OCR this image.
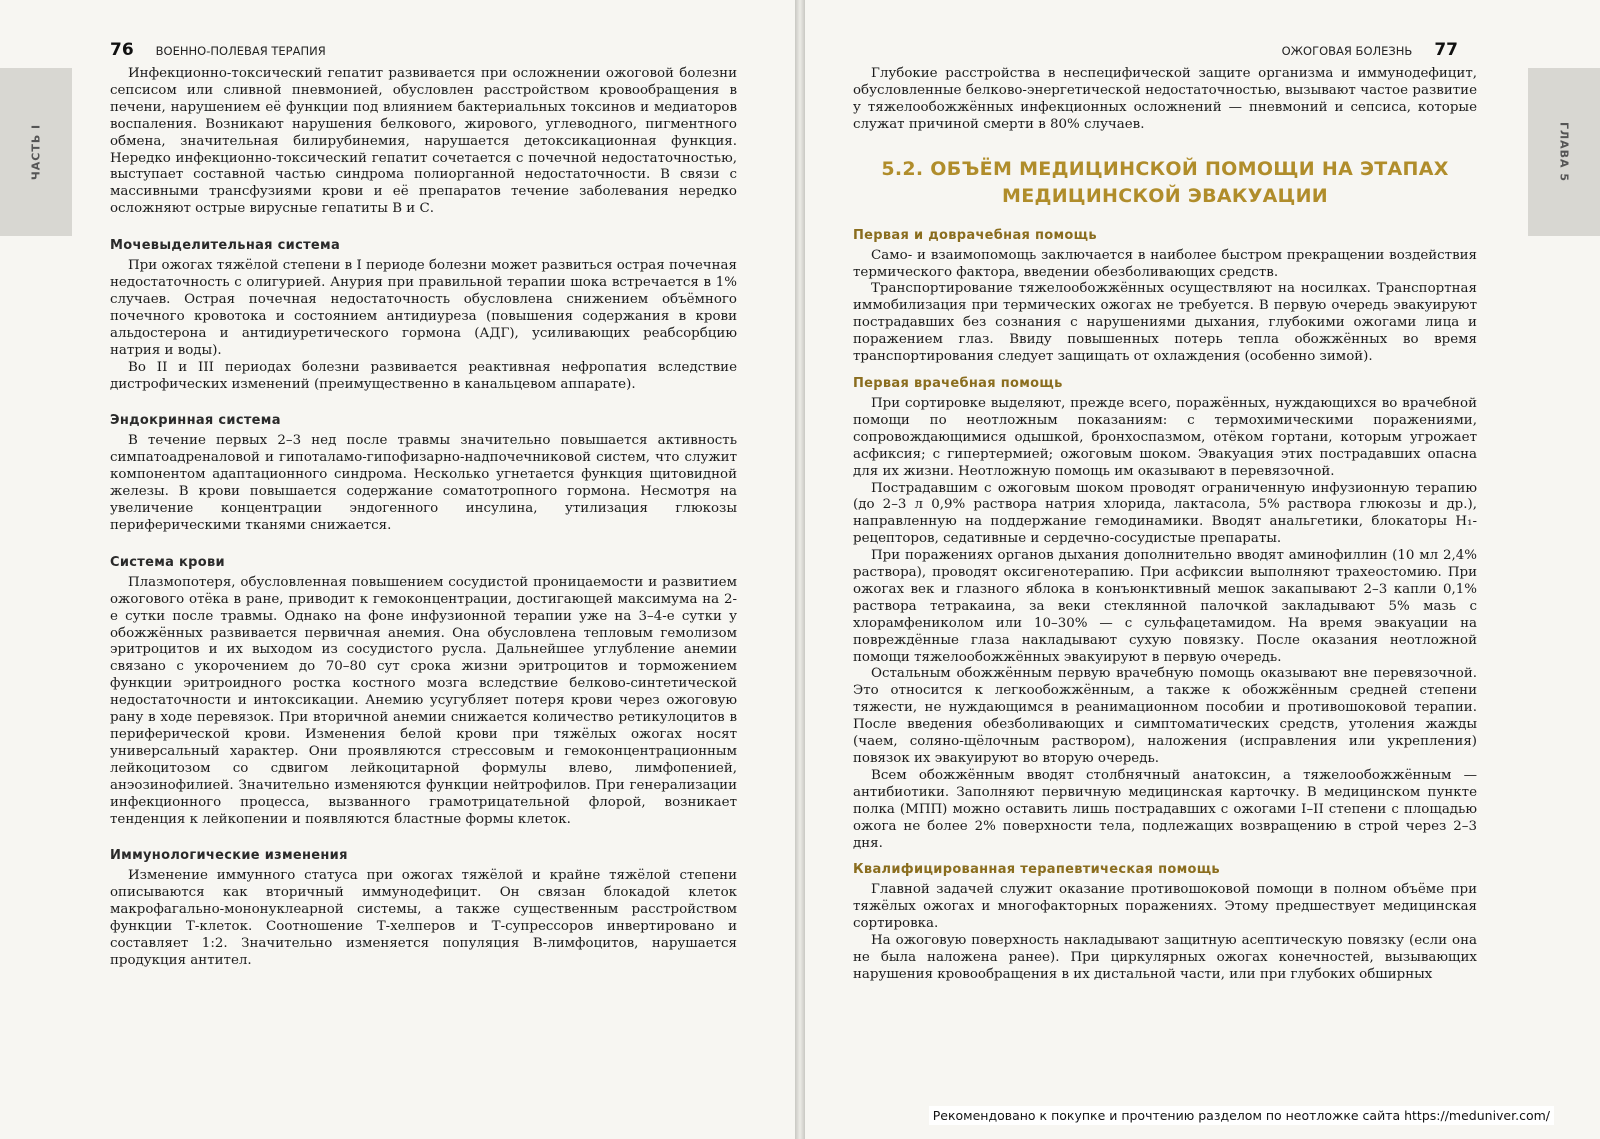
ЧАСТЬ I
76 ВОЕННО-ПОЛЕВАЯ ТЕРАПИЯ

Инфекционно-токсический гепатит развивается при осложнении ожоговой болезни сепсисом или сливной пневмонией, обусловлен расстройством кровообращения в печени, нарушением её функции под влиянием бактериальных токсинов и медиаторов воспаления. Возникают нарушения белкового, жирового, углеводного, пигментного обмена, значительная билирубинемия, нарушается детоксикационная функция. Нередко инфекционно-токсический гепатит сочетается с почечной недостаточностью, выступает составной частью синдрома полиорганной недостаточности. В связи с массивными трансфузиями крови и её препаратов течение заболевания нередко осложняют острые вирусные гепатиты В и С.

Мочевыделительная система

При ожогах тяжёлой степени в I периоде болезни может развиться острая почечная недостаточность с олигурией. Анурия при правильной терапии шока встречается в 1% случаев. Острая почечная недостаточность обусловлена снижением объёмного почечного кровотока и состоянием антидиуреза (повышения содержания в крови альдостерона и антидиуретического гормона (АДГ), усиливающих реабсорбцию натрия и воды).

Во II и III периодах болезни развивается реактивная нефропатия вследствие дистрофических изменений (преимущественно в канальцевом аппарате).

Эндокринная система

В течение первых 2–3 нед после травмы значительно повышается активность симпатоадреналовой и гипоталамо-гипофизарно-надпочечниковой систем, что служит компонентом адаптационного синдрома. Несколько угнетается функция щитовидной железы. В крови повышается содержание соматотропного гормона. Несмотря на увеличение концентрации эндогенного инсулина, утилизация глюкозы периферическими тканями снижается.

Система крови

Плазмопотеря, обусловленная повышением сосудистой проницаемости и развитием ожогового отёка в ране, приводит к гемоконцентрации, достигающей максимума на 2-е сутки после травмы. Однако на фоне инфузионной терапии уже на 3–4-е сутки у обожжённых развивается первичная анемия. Она обусловлена тепловым гемолизом эритроцитов и их выходом из сосудистого русла. Дальнейшее углубление анемии связано с укорочением до 70–80 сут срока жизни эритроцитов и торможением функции эритроидного ростка костного мозга вследствие белково-синтетической недостаточности и интоксикации. Анемию усугубляет потеря крови через ожоговую рану в ходе перевязок. При вторичной анемии снижается количество ретикулоцитов в периферической крови. Изменения белой крови при тяжёлых ожогах носят универсальный характер. Они проявляются стрессовым и гемоконцентрационным лейкоцитозом со сдвигом лейкоцитарной формулы влево, лимфопенией, анэозинофилией. Значительно изменяются функции нейтрофилов. При генерализации инфекционного процесса, вызванного грамотрицательной флорой, возникает тенденция к лейкопении и появляются бластные формы клеток.

Иммунологические изменения

Изменение иммунного статуса при ожогах тяжёлой и крайне тяжёлой степени описываются как вторичный иммунодефицит. Он связан блокадой клеток макрофагально-мононуклеарной системы, а также существенным расстройством функции Т-клеток. Соотношение Т-хелперов и Т-супрессоров инвертировано и составляет 1:2. Значительно изменяется популяция В-лимфоцитов, нарушается продукция антител.

ГЛАВА 5
ОЖОГОВАЯ БОЛЕЗНЬ 77

Глубокие расстройства в неспецифической защите организма и иммунодефицит, обусловленные белково-энергетической недостаточностью, вызывают частое развитие у тяжелообожжённых инфекционных осложнений — пневмоний и сепсиса, которые служат причиной смерти в 80% случаев.

5.2. ОБЪЁМ МЕДИЦИНСКОЙ ПОМОЩИ НА ЭТАПАХ
МЕДИЦИНСКОЙ ЭВАКУАЦИИ
Первая и доврачебная помощь

Само- и взаимопомощь заключается в наиболее быстром прекращении воздействия термического фактора, введении обезболивающих средств.

Транспортирование тяжелообожжённых осуществляют на носилках. Транспортная иммобилизация при термических ожогах не требуется. В первую очередь эвакуируют пострадавших без сознания с нарушениями дыхания, глубокими ожогами лица и поражением глаз. Ввиду повышенных потерь тепла обожжённых во время транспортирования следует защищать от охлаждения (особенно зимой).

Первая врачебная помощь

При сортировке выделяют, прежде всего, поражённых, нуждающихся во врачебной помощи по неотложным показаниям: с термохимическими поражениями, сопровождающимися одышкой, бронхоспазмом, отёком гортани, которым угрожает асфиксия; с гипертермией; ожоговым шоком. Эвакуация этих пострадавших опасна для их жизни. Неотложную помощь им оказывают в перевязочной.

Пострадавшим с ожоговым шоком проводят ограниченную инфузионную терапию (до 2–3 л 0,9% раствора натрия хлорида, лактасола, 5% раствора глюкозы и др.), направленную на поддержание гемодинамики. Вводят анальгетики, блокаторы H₁-рецепторов, седативные и сердечно-сосудистые препараты.

При поражениях органов дыхания дополнительно вводят аминофиллин (10 мл 2,4% раствора), проводят оксигенотерапию. При асфиксии выполняют трахеостомию. При ожогах век и глазного яблока в конъюнктивный мешок закапывают 2–3 капли 0,1% раствора тетракаина, за веки стеклянной палочкой закладывают 5% мазь с хлорамфениколом или 10–30% — с сульфацетамидом. На время эвакуации на повреждённые глаза накладывают сухую повязку. После оказания неотложной помощи тяжелообожжённых эвакуируют в первую очередь.

Остальным обожжённым первую врачебную помощь оказывают вне перевязочной. Это относится к легкообожжённым, а также к обожжённым средней степени тяжести, не нуждающимся в реанимационном пособии и противошоковой терапии. После введения обезболивающих и симптоматических средств, утоления жажды (чаем, соляно-щёлочным раствором), наложения (исправления или укрепления) повязок их эвакуируют во вторую очередь.

Всем обожжённым вводят столбнячный анатоксин, а тяжелообожжённым — антибиотики. Заполняют первичную медицинская карточку. В медицинском пункте полка (МПП) можно оставить лишь пострадавших с ожогами I–II степени с площадью ожога не более 2% поверхности тела, подлежащих возвращению в строй через 2–3 дня.

Квалифицированная терапевтическая помощь

Главной задачей служит оказание противошоковой помощи в полном объёме при тяжёлых ожогах и многофакторных поражениях. Этому предшествует медицинская сортировка.

На ожоговую поверхность накладывают защитную асептическую повязку (если она не была наложена ранее). При циркулярных ожогах конечностей, вызывающих нарушения кровообращения в их дистальной части, или при глубоких обширных

Рекомендовано к покупке и прочтению разделом по неотложке сайта https://meduniver.com/
